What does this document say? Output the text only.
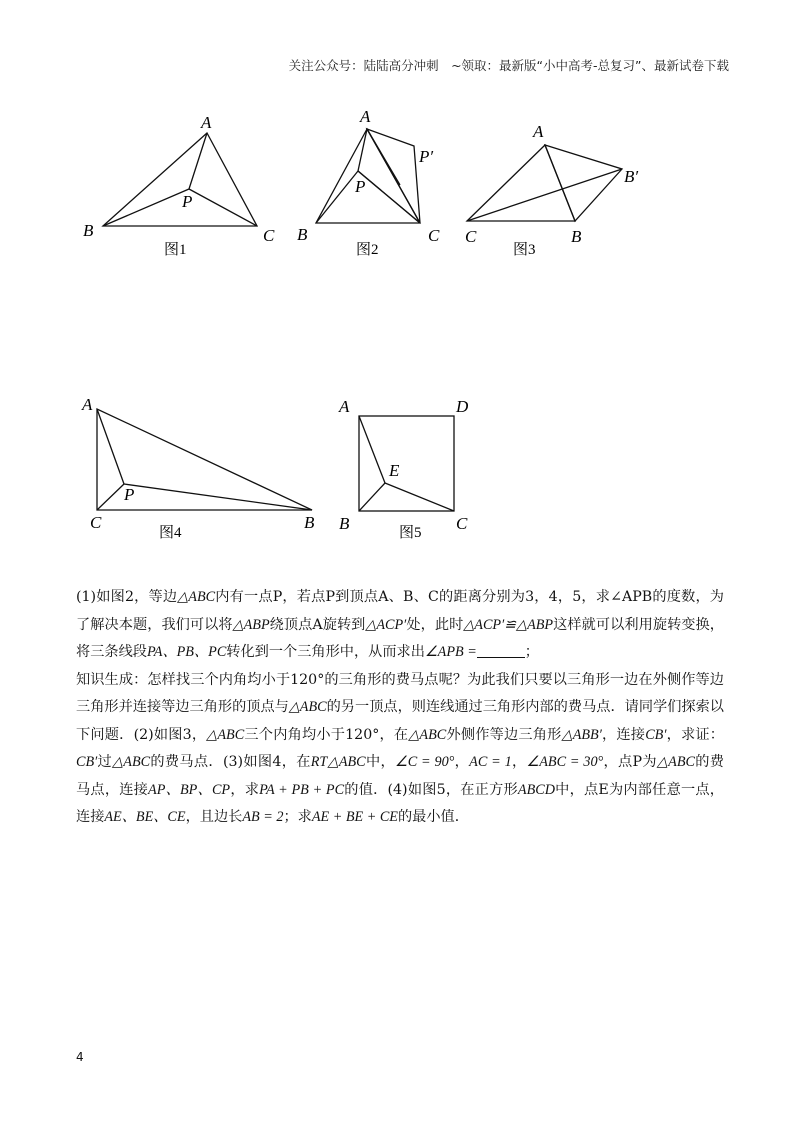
关注公众号：陆陆高分冲刺　~领取：最新版“小中高考-总复习”、最新试卷下载
A
B	C
P
图1
A
B	C
P
P′
图2
A
C	B
B′
图3
A
C
P
B
图4
A	D
E
B	C
图5

(1)如图2，等边△ABC内有一点P，若点P到顶点A、B、C的距离分别为3，4，5，求∠APB的度数，为了解决本题，我们可以将△ABP绕顶点A旋转到△ACP′处，此时△ACP′≌△ABP这样就可以利用旋转变换，将三条线段PA、PB、PC转化到一个三角形中，从而求出∠APB =	；

知识生成：怎样找三个内角均小于120°的三角形的费马点呢？为此我们只要以三角形一边在外侧作等边三角形并连接等边三角形的顶点与△ABC的另一顶点，则连线通过三角形内部的费马点．请同学们探索以下问题．(2)如图3，△ABC三个内角均小于120°，在△ABC外侧作等边三角形△ABB′，连接CB′，求证：CB′过△ABC的费马点．(3)如图4，在RT△ABC中，∠C = 90°，AC = 1，∠ABC = 30°，点P为△ABC的费马点，连接AP、BP、CP，求PA + PB + PC的值．(4)如图5，在正方形ABCD中，点E为内部任意一点，连接AE、BE、CE，且边长AB = 2；求AE + BE + CE的最小值．

4
